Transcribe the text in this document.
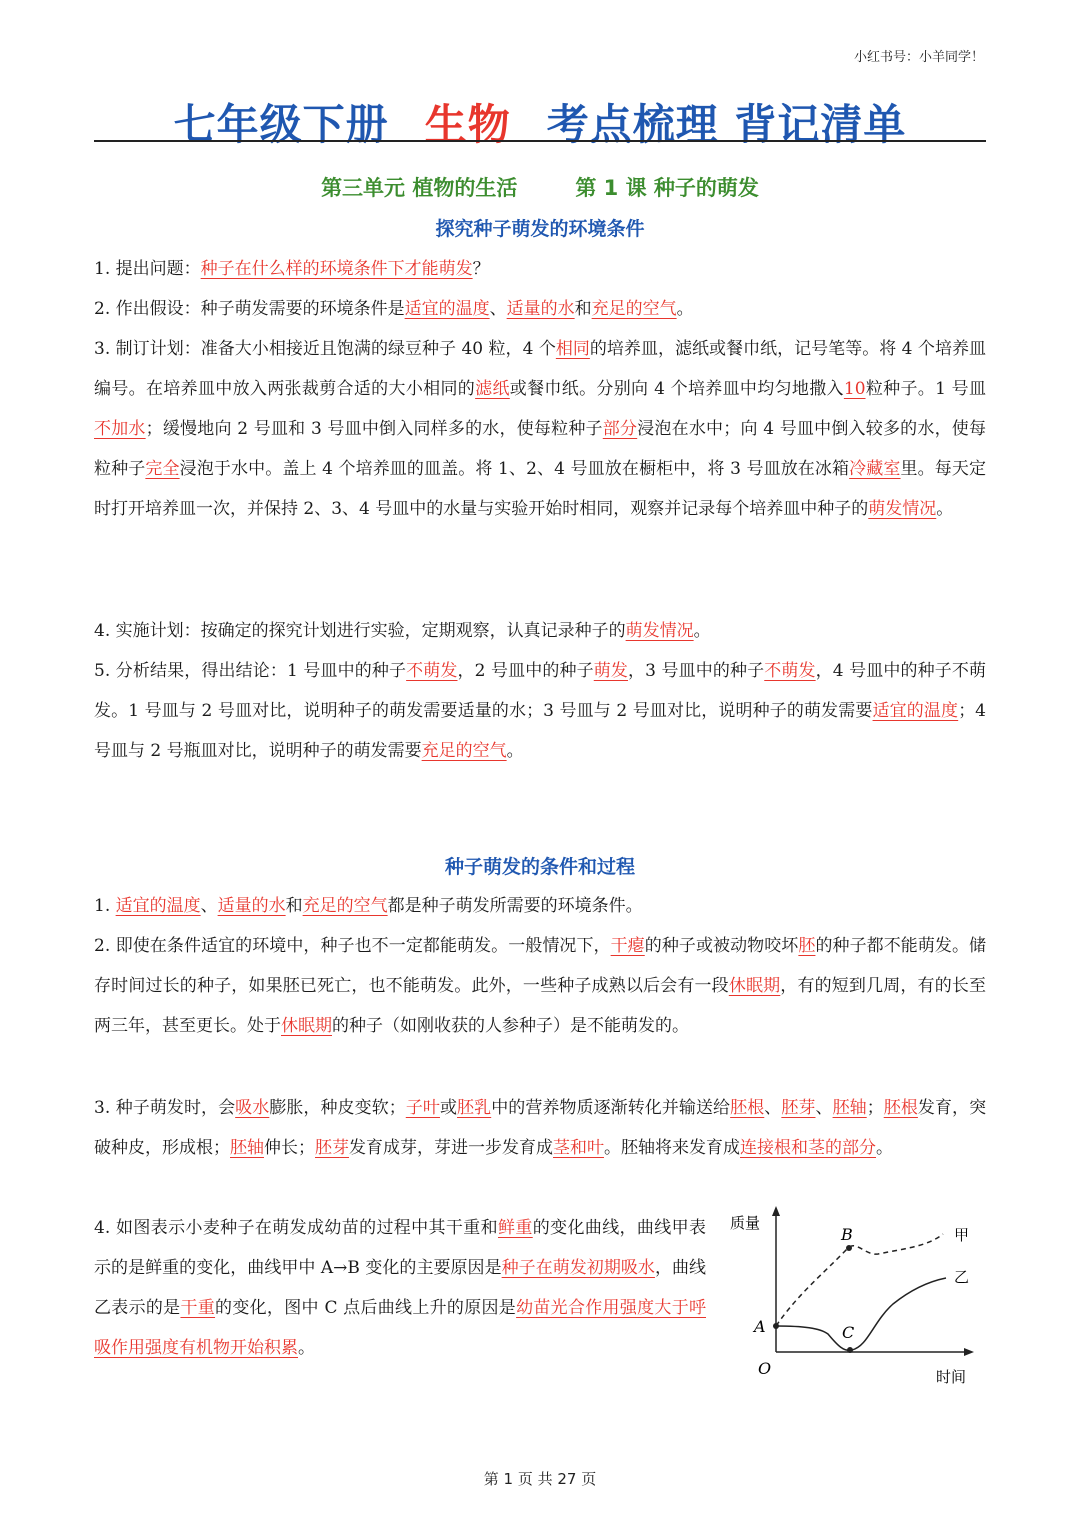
小红书号：小羊同学！
七年级下册 生物 考点梳理 背记清单
第三单元 植物的生活	第 1 课 种子的萌发
探究种子萌发的环境条件
1. 提出问题：种子在什么样的环境条件下才能萌发？
2. 作出假设：种子萌发需要的环境条件是适宜的温度、适量的水和充足的空气。
3. 制订计划：准备大小相接近且饱满的绿豆种子 40 粒，4 个相同的培养皿，滤纸或餐巾纸，记号笔等。将 4 个培养皿编号。在培养皿中放入两张裁剪合适的大小相同的滤纸或餐巾纸。分别向 4 个培养皿中均匀地撒入10粒种子。1 号皿不加水；缓慢地向 2 号皿和 3 号皿中倒入同样多的水，使每粒种子部分浸泡在水中；向 4 号皿中倒入较多的水，使每粒种子完全浸泡于水中。盖上 4 个培养皿的皿盖。将 1、2、4 号皿放在橱柜中，将 3 号皿放在冰箱冷藏室里。每天定时打开培养皿一次，并保持 2、3、4 号皿中的水量与实验开始时相同，观察并记录每个培养皿中种子的萌发情况。
4. 实施计划：按确定的探究计划进行实验，定期观察，认真记录种子的萌发情况。
5. 分析结果，得出结论：1 号皿中的种子不萌发，2 号皿中的种子萌发，3 号皿中的种子不萌发，4 号皿中的种子不萌发。1 号皿与 2 号皿对比，说明种子的萌发需要适量的水；3 号皿与 2 号皿对比，说明种子的萌发需要适宜的温度；4 号皿与 2 号瓶皿对比，说明种子的萌发需要充足的空气。
种子萌发的条件和过程
1. 适宜的温度、适量的水和充足的空气都是种子萌发所需要的环境条件。
2. 即使在条件适宜的环境中，种子也不一定都能萌发。一般情况下，干瘪的种子或被动物咬坏胚的种子都不能萌发。储存时间过长的种子，如果胚已死亡，也不能萌发。此外，一些种子成熟以后会有一段休眠期，有的短到几周，有的长至两三年，甚至更长。处于休眠期的种子（如刚收获的人参种子）是不能萌发的。
3. 种子萌发时，会吸水膨胀，种皮变软；子叶或胚乳中的营养物质逐渐转化并输送给胚根、胚芽、胚轴；胚根发育，突破种皮，形成根；胚轴伸长；胚芽发育成芽，芽进一步发育成茎和叶。胚轴将来发育成连接根和茎的部分。
4. 如图表示小麦种子在萌发成幼苗的过程中其干重和鲜重的变化曲线，曲线甲表示的是鲜重的变化，曲线甲中 A→B 变化的主要原因是种子在萌发初期吸水，曲线乙表示的是干重的变化，图中 C 点后曲线上升的原因是幼苗光合作用强度大于呼吸作用强度有机物开始积累。
质量
时间
O
A
B
C
甲
乙
第 1 页 共 27 页
